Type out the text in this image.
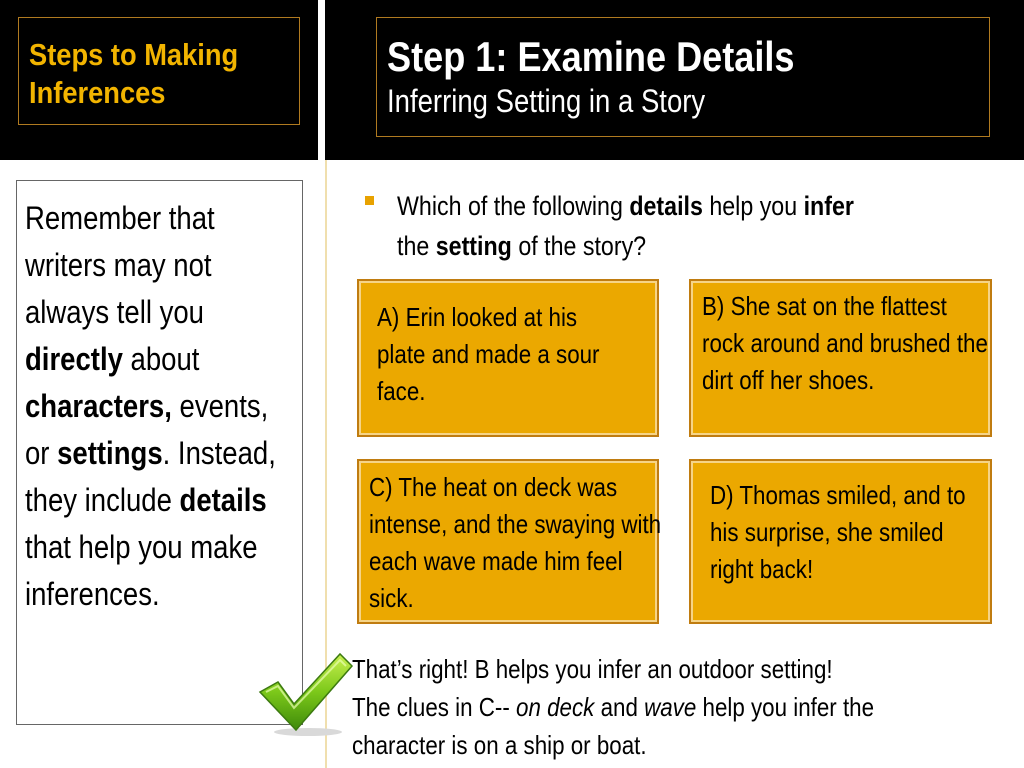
Steps to Making
Inferences
Step 1: Examine Details
Inferring Setting in a Story

Remember that writers may not always tell you directly about characters, events, or settings. Instead, they include details that help you make inferences.

Which of the following details help you infer
the setting of the story?
A) Erin looked at his plate and made a sour face.
B) She sat on the flattest rock around and brushed the dirt off her shoes.
C) The heat on deck was intense, and the swaying with each wave made him feel sick.
D) Thomas smiled, and to his surprise, she smiled right back!
That’s right! B helps you infer an outdoor setting!
The clues in C-- on deck and wave help you infer the
character is on a ship or boat.
